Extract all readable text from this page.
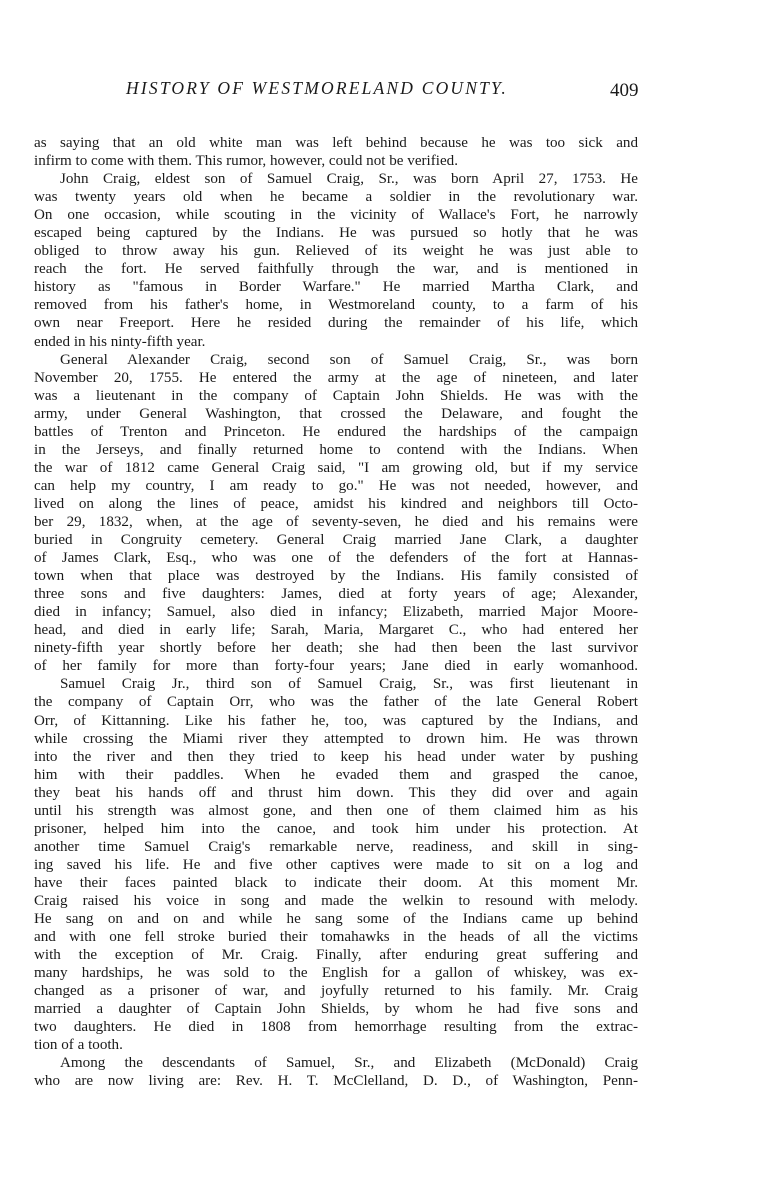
HISTORY OF WESTMORELAND COUNTY.	409
as saying that an old white man was left behind because he was too sick and
infirm to come with them. This rumor, however, could not be verified.
John Craig, eldest son of Samuel Craig, Sr., was born April 27, 1753. He
was twenty years old when he became a soldier in the revolutionary war.
On one occasion, while scouting in the vicinity of Wallace's Fort, he narrowly
escaped being captured by the Indians. He was pursued so hotly that he was
obliged to throw away his gun. Relieved of its weight he was just able to
reach the fort. He served faithfully through the war, and is mentioned in
history as "famous in Border Warfare." He married Martha Clark, and
removed from his father's home, in Westmoreland county, to a farm of his
own near Freeport. Here he resided during the remainder of his life, which
ended in his ninty-fifth year.
General Alexander Craig, second son of Samuel Craig, Sr., was born
November 20, 1755. He entered the army at the age of nineteen, and later
was a lieutenant in the company of Captain John Shields. He was with the
army, under General Washington, that crossed the Delaware, and fought the
battles of Trenton and Princeton. He endured the hardships of the campaign
in the Jerseys, and finally returned home to contend with the Indians. When
the war of 1812 came General Craig said, "I am growing old, but if my service
can help my country, I am ready to go." He was not needed, however, and
lived on along the lines of peace, amidst his kindred and neighbors till Octo-
ber 29, 1832, when, at the age of seventy-seven, he died and his remains were
buried in Congruity cemetery. General Craig married Jane Clark, a daughter
of James Clark, Esq., who was one of the defenders of the fort at Hannas-
town when that place was destroyed by the Indians. His family consisted of
three sons and five daughters: James, died at forty years of age; Alexander,
died in infancy; Samuel, also died in infancy; Elizabeth, married Major Moore-
head, and died in early life; Sarah, Maria, Margaret C., who had entered her
ninety-fifth year shortly before her death; she had then been the last survivor
of her family for more than forty-four years; Jane died in early womanhood.
Samuel Craig Jr., third son of Samuel Craig, Sr., was first lieutenant in
the company of Captain Orr, who was the father of the late General Robert
Orr, of Kittanning. Like his father he, too, was captured by the Indians, and
while crossing the Miami river they attempted to drown him. He was thrown
into the river and then they tried to keep his head under water by pushing
him with their paddles. When he evaded them and grasped the canoe,
they beat his hands off and thrust him down. This they did over and again
until his strength was almost gone, and then one of them claimed him as his
prisoner, helped him into the canoe, and took him under his protection. At
another time Samuel Craig's remarkable nerve, readiness, and skill in sing-
ing saved his life. He and five other captives were made to sit on a log and
have their faces painted black to indicate their doom. At this moment Mr.
Craig raised his voice in song and made the welkin to resound with melody.
He sang on and on and while he sang some of the Indians came up behind
and with one fell stroke buried their tomahawks in the heads of all the victims
with the exception of Mr. Craig. Finally, after enduring great suffering and
many hardships, he was sold to the English for a gallon of whiskey, was ex-
changed as a prisoner of war, and joyfully returned to his family. Mr. Craig
married a daughter of Captain John Shields, by whom he had five sons and
two daughters. He died in 1808 from hemorrhage resulting from the extrac-
tion of a tooth.
Among the descendants of Samuel, Sr., and Elizabeth (McDonald) Craig
who are now living are: Rev. H. T. McClelland, D. D., of Washington, Penn-
